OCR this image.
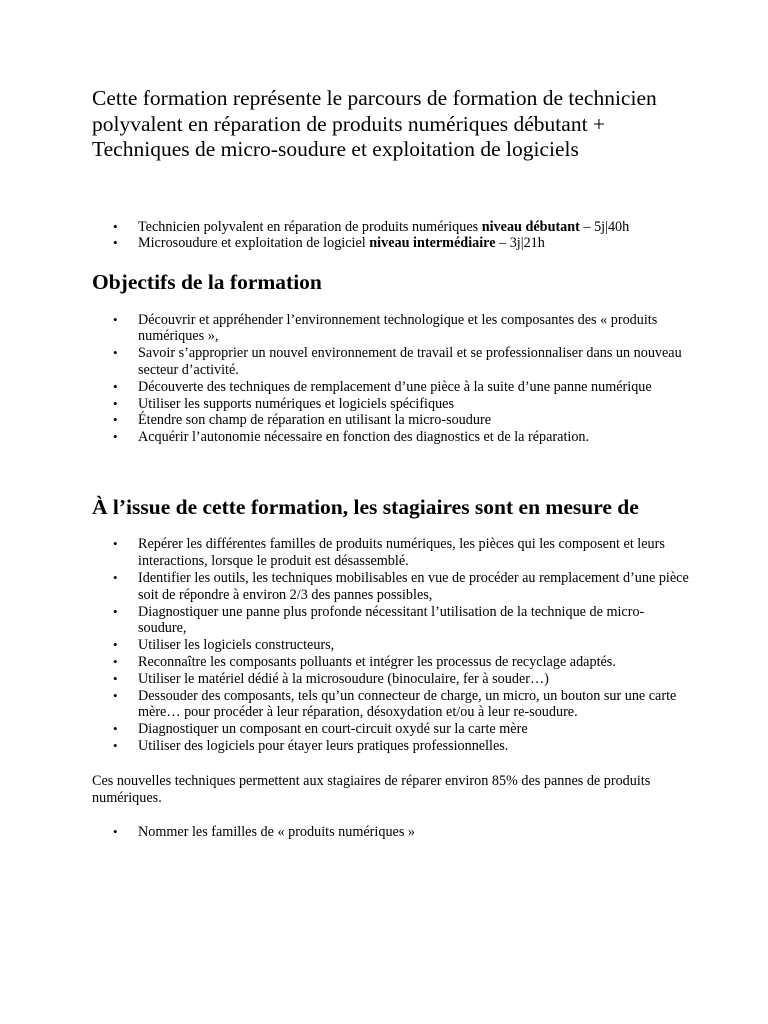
Cette formation représente le parcours de formation de technicien polyvalent en réparation de produits numériques débutant + Techniques de micro-soudure et exploitation de logiciels

• Technicien polyvalent en réparation de produits numériques niveau débutant – 5j|40h
• Microsoudure et exploitation de logiciel niveau intermédiaire – 3j|21h
Objectifs de la formation
• Découvrir et appréhender l’environnement technologique et les composantes des « produits numériques »,
• Savoir s’approprier un nouvel environnement de travail et se professionnaliser dans un nouveau secteur d’activité.
• Découverte des techniques de remplacement d’une pièce à la suite d’une panne numérique
• Utiliser les supports numériques et logiciels spécifiques
• Étendre son champ de réparation en utilisant la micro-soudure
• Acquérir l’autonomie nécessaire en fonction des diagnostics et de la réparation.
À l’issue de cette formation, les stagiaires sont en mesure de
• Repérer les différentes familles de produits numériques, les pièces qui les composent et leurs interactions, lorsque le produit est désassemblé.
• Identifier les outils, les techniques mobilisables en vue de procéder au remplacement d’une pièce soit de répondre à environ 2/3 des pannes possibles,
• Diagnostiquer une panne plus profonde nécessitant l’utilisation de la technique de micro-soudure,
• Utiliser les logiciels constructeurs,
• Reconnaître les composants polluants et intégrer les processus de recyclage adaptés.
• Utiliser le matériel dédié à la microsoudure (binoculaire, fer à souder…)
• Dessouder des composants, tels qu’un connecteur de charge, un micro, un bouton sur une carte mère… pour procéder à leur réparation, désoxydation et/ou à leur re-soudure.
• Diagnostiquer un composant en court-circuit oxydé sur la carte mère
• Utiliser des logiciels pour étayer leurs pratiques professionnelles.

Ces nouvelles techniques permettent aux stagiaires de réparer environ 85% des pannes de produits numériques.

• Nommer les familles de « produits numériques »
